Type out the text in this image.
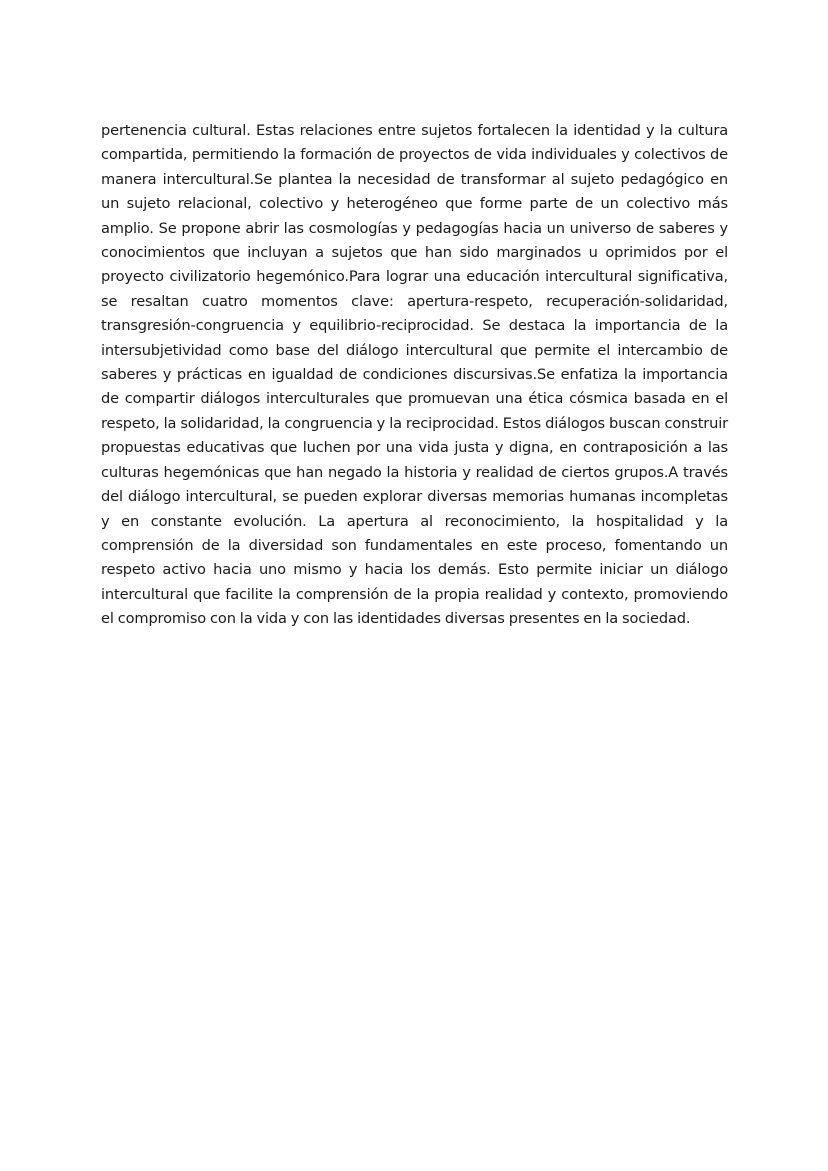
pertenencia cultural. Estas relaciones entre sujetos fortalecen la identidad y la cultura compartida, permitiendo la formación de proyectos de vida individuales y colectivos de manera intercultural.Se plantea la necesidad de transformar al sujeto pedagógico en un sujeto relacional, colectivo y heterogéneo que forme parte de un colectivo más amplio. Se propone abrir las cosmologías y pedagogías hacia un universo de saberes y conocimientos que incluyan a sujetos que han sido marginados u oprimidos por el proyecto civilizatorio hegemónico.Para lograr una educación intercultural significativa, se resaltan cuatro momentos clave: apertura-respeto, recuperación-solidaridad, transgresión-congruencia y equilibrio-reciprocidad. Se destaca la importancia de la intersubjetividad como base del diálogo intercultural que permite el intercambio de saberes y prácticas en igualdad de condiciones discursivas.Se enfatiza la importancia de compartir diálogos interculturales que promuevan una ética cósmica basada en el respeto, la solidaridad, la congruencia y la reciprocidad. Estos diálogos buscan construir propuestas educativas que luchen por una vida justa y digna, en contraposición a las culturas hegemónicas que han negado la historia y realidad de ciertos grupos.A través del diálogo intercultural, se pueden explorar diversas memorias humanas incompletas y en constante evolución. La apertura al reconocimiento, la hospitalidad y la comprensión de la diversidad son fundamentales en este proceso, fomentando un respeto activo hacia uno mismo y hacia los demás. Esto permite iniciar un diálogo intercultural que facilite la comprensión de la propia realidad y contexto, promoviendo el compromiso con la vida y con las identidades diversas presentes en la sociedad.
